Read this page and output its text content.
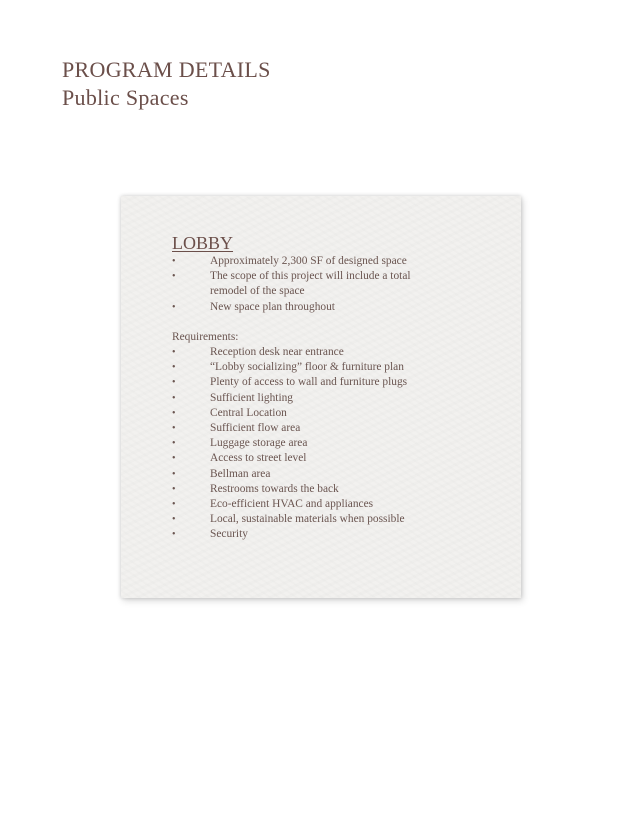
PROGRAM DETAILS
Public Spaces
LOBBY
•	Approximately 2,300 SF of designed space
•	The scope of this project will include a total
remodel of the space
•	New space plan throughout
Requirements:
•	Reception desk near entrance
•	“Lobby socializing” floor & furniture plan
•	Plenty of access to wall and furniture plugs
•	Sufficient lighting
•	Central Location
•	Sufficient flow area
•	Luggage storage area
•	Access to street level
•	Bellman area
•	Restrooms towards the back
•	Eco-efficient HVAC and appliances
•	Local, sustainable materials when possible
•	Security
